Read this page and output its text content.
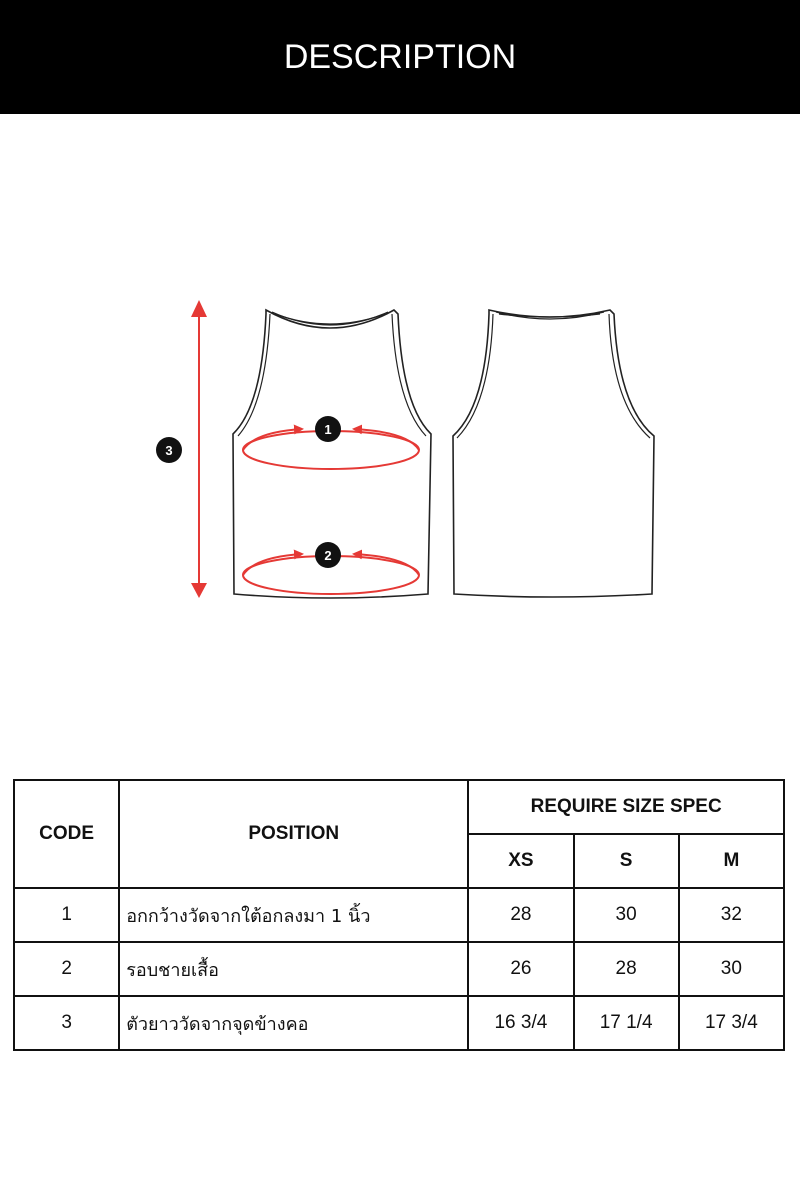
DESCRIPTION
1
2
3
CODE	POSITION	REQUIRE SIZE SPEC		
		XS	S	M
1	อกกว้างวัดจากใต้อกลงมา 1 นิ้ว	28	30	32
2	รอบชายเสื้อ	26	28	30
3	ตัวยาววัดจากจุดข้างคอ	16 3/4	17 1/4	17 3/4
